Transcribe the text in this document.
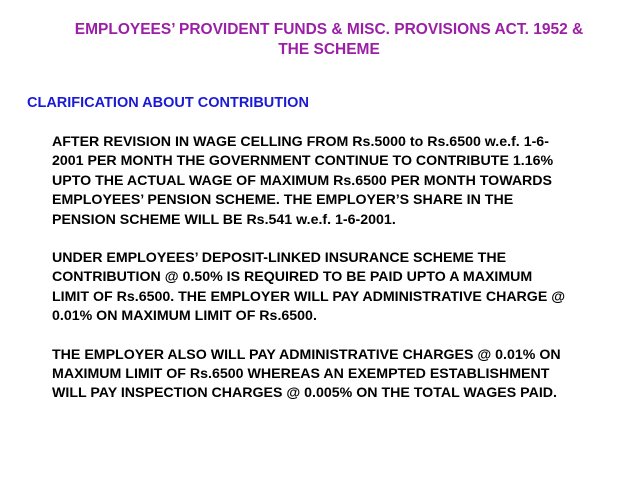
EMPLOYEES’ PROVIDENT FUNDS & MISC. PROVISIONS ACT. 1952 &
THE SCHEME
CLARIFICATION ABOUT CONTRIBUTION
AFTER REVISION IN WAGE CELLING FROM Rs.5000 to Rs.6500 w.e.f. 1-6-
2001 PER MONTH THE GOVERNMENT CONTINUE TO CONTRIBUTE 1.16%
UPTO THE ACTUAL WAGE OF MAXIMUM Rs.6500 PER MONTH TOWARDS
EMPLOYEES’ PENSION SCHEME. THE EMPLOYER’S SHARE IN THE
PENSION SCHEME WILL BE Rs.541 w.e.f. 1-6-2001.
UNDER EMPLOYEES’ DEPOSIT-LINKED INSURANCE SCHEME THE
CONTRIBUTION @ 0.50% IS REQUIRED TO BE PAID UPTO A MAXIMUM
LIMIT OF Rs.6500. THE EMPLOYER WILL PAY ADMINISTRATIVE CHARGE @
0.01% ON MAXIMUM LIMIT OF Rs.6500.
THE EMPLOYER ALSO WILL PAY ADMINISTRATIVE CHARGES @ 0.01% ON
MAXIMUM LIMIT OF Rs.6500 WHEREAS AN EXEMPTED ESTABLISHMENT
WILL PAY INSPECTION CHARGES @ 0.005% ON THE TOTAL WAGES PAID.
